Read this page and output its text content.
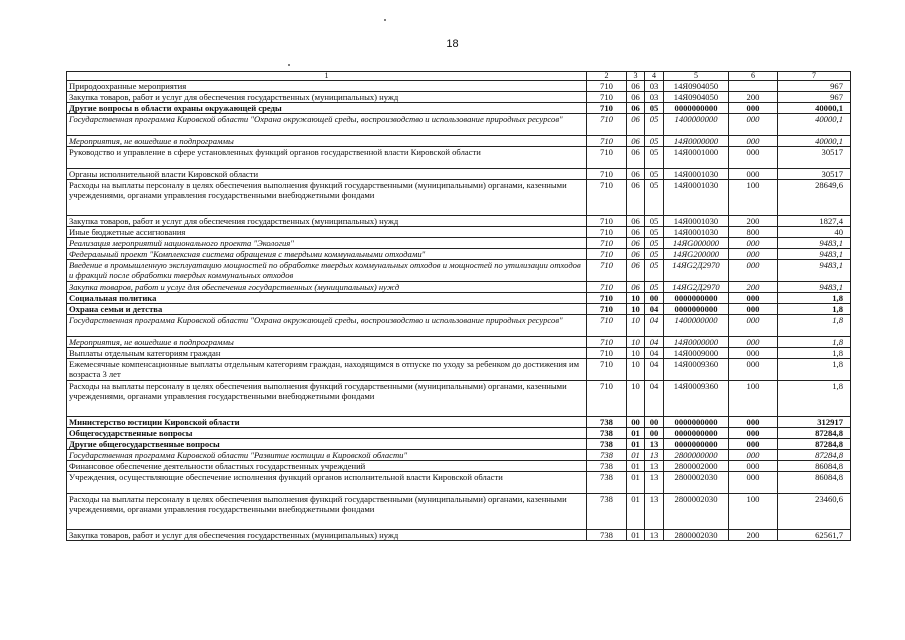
18
1	2	3	4	5	6	7
Природоохранные мероприятия	710	06	03	14Я0904050		967
Закупка товаров, работ и услуг для обеспечения государственных (муниципальных) нужд	710	06	03	14Я0904050	200	967
Другие вопросы в области охраны окружающей среды	710	06	05	0000000000	000	40000,1
Государственная программа Кировской области "Охрана окружающей среды, воспроизводство и использование природных ресурсов"	710	06	05	1400000000	000	40000,1
Мероприятия, не вошедшие в подпрограммы	710	06	05	14Я0000000	000	40000,1
Руководство и управление в сфере установленных функций органов государственной власти Кировской области	710	06	05	14Я0001000	000	30517
Органы исполнительной власти Кировской области	710	06	05	14Я0001030	000	30517
Расходы на выплаты персоналу в целях обеспечения выполнения функций государственными (муниципальными) органами, казенными учреждениями, органами управления государственными внебюджетными фондами	710	06	05	14Я0001030	100	28649,6
Закупка товаров, работ и услуг для обеспечения государственных (муниципальных) нужд	710	06	05	14Я0001030	200	1827,4
Иные бюджетные ассигнования	710	06	05	14Я0001030	800	40
Реализация мероприятий национального проекта "Экология"	710	06	05	14ЯG000000	000	9483,1
Федеральный проект "Комплексная система обращения с твердыми коммунальными отходами"	710	06	05	14ЯG200000	000	9483,1
Введение в промышленную эксплуатацию мощностей по обработке твердых коммунальных отходов и мощностей по утилизации отходов и фракций после обработки твердых коммунальных отходов	710	06	05	14ЯG2Д2970	000	9483,1
Закупка товаров, работ и услуг для обеспечения государственных (муниципальных) нужд	710	06	05	14ЯG2Д2970	200	9483,1
Социальная политика	710	10	00	0000000000	000	1,8
Охрана семьи и детства	710	10	04	0000000000	000	1,8
Государственная программа Кировской области "Охрана окружающей среды, воспроизводство и использование природных ресурсов"	710	10	04	1400000000	000	1,8
Мероприятия, не вошедшие в подпрограммы	710	10	04	14Я0000000	000	1,8
Выплаты отдельным категориям граждан	710	10	04	14Я0009000	000	1,8
Ежемесячные компенсационные выплаты отдельным категориям граждан, находящимся в отпуске по уходу за ребенком до достижения им возраста 3 лет	710	10	04	14Я0009360	000	1,8
Расходы на выплаты персоналу в целях обеспечения выполнения функций государственными (муниципальными) органами, казенными учреждениями, органами управления государственными внебюджетными фондами	710	10	04	14Я0009360	100	1,8
Министерство юстиции Кировской области	738	00	00	0000000000	000	312917
Общегосударственные вопросы	738	01	00	0000000000	000	87284,8
Другие общегосударственные вопросы	738	01	13	0000000000	000	87284,8
Государственная программа Кировской области "Развитие юстиции в Кировской области"	738	01	13	2800000000	000	87284,8
Финансовое обеспечение деятельности областных государственных учреждений	738	01	13	2800002000	000	86084,8
Учреждения, осуществляющие обеспечение исполнения функций органов исполнительной власти Кировской области	738	01	13	2800002030	000	86084,8
Расходы на выплаты персоналу в целях обеспечения выполнения функций государственными (муниципальными) органами, казенными учреждениями, органами управления государственными внебюджетными фондами	738	01	13	2800002030	100	23460,6
Закупка товаров, работ и услуг для обеспечения государственных (муниципальных) нужд	738	01	13	2800002030	200	62561,7
